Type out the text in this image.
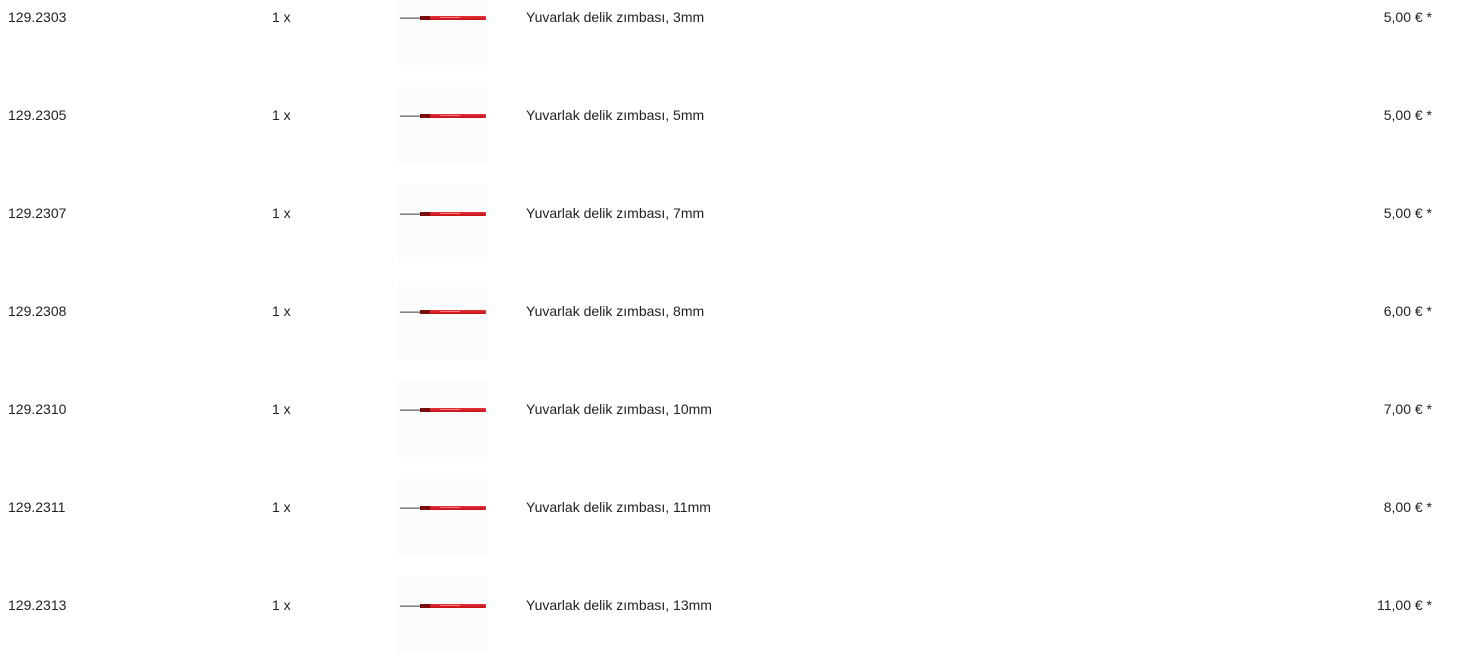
129.2303	1 x	Yuvarlak delik zımbası, 3mm	5,00 € *
129.2305	1 x	Yuvarlak delik zımbası, 5mm	5,00 € *
129.2307	1 x	Yuvarlak delik zımbası, 7mm	5,00 € *
129.2308	1 x	Yuvarlak delik zımbası, 8mm	6,00 € *
129.2310	1 x	Yuvarlak delik zımbası, 10mm	7,00 € *
129.2311	1 x	Yuvarlak delik zımbası, 11mm	8,00 € *
129.2313	1 x	Yuvarlak delik zımbası, 13mm	11,00 € *
